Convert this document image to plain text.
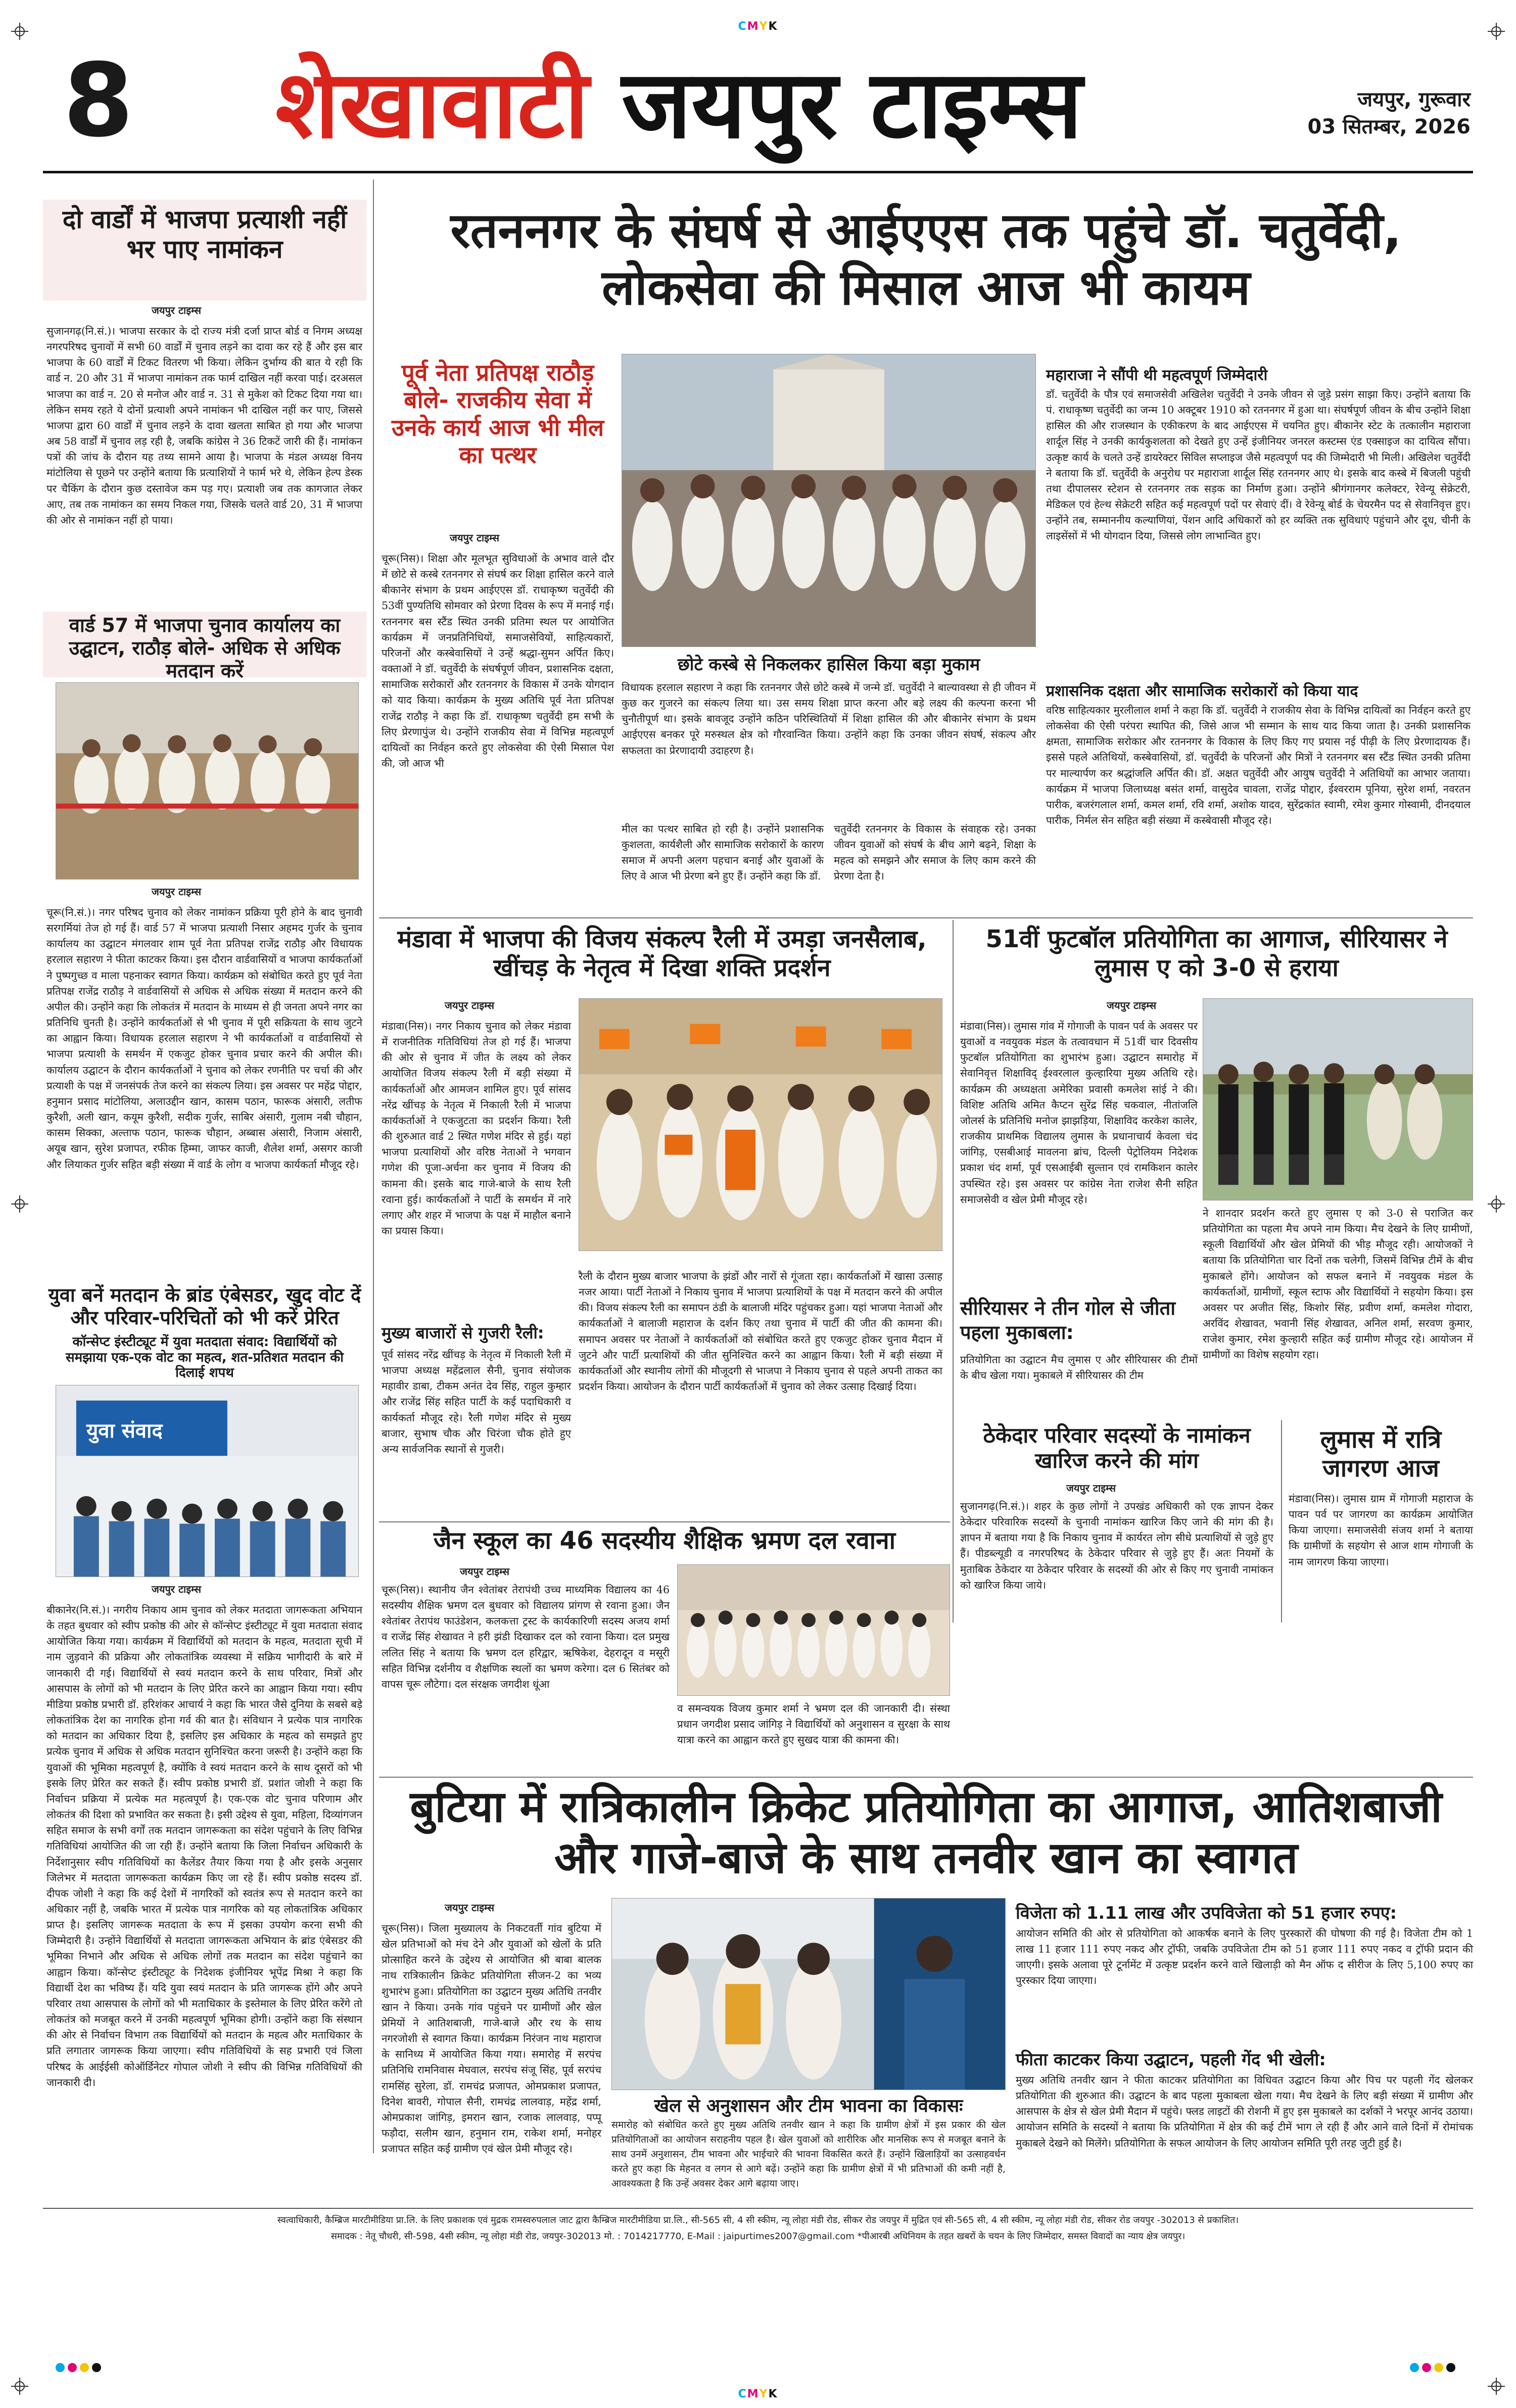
CMYK
CMYK
8 शेखावाटी जयपुर टाइम्स	जयपुर, गुरूवार
03 सितम्बर, 2026
दो वार्डों में भाजपा प्रत्याशी नहीं भर पाए नामांकन
जयपुर टाइम्स
सुजानगढ़(नि.सं.)। भाजपा सरकार के दो राज्य मंत्री दर्जा प्राप्त बोर्ड व निगम अध्यक्ष नगरपरिषद चुनावों में सभी 60 वार्डों में चुनाव लड़ने का दावा कर रहे हैं और इस बार भाजपा के 60 वार्डों में टिकट वितरण भी किया। लेकिन दुर्भाग्य की बात ये रही कि वार्ड न. 20 और 31 में भाजपा नामांकन तक फार्म दाखिल नहीं करवा पाई। दरअसल भाजपा का वार्ड न. 20 से मनोज और वार्ड न. 31 से मुकेश को टिकट दिया गया था। लेकिन समय रहते ये दोनों प्रत्याशी अपने नामांकन भी दाखिल नहीं कर पाए, जिससे भाजपा द्वारा 60 वार्डों में चुनाव लड़ने के दावा खलता साबित हो गया और भाजपा अब 58 वार्डों में चुनाव लड़ रही है, जबकि कांग्रेस ने 36 टिकटें जारी की हैं। नामांकन पत्रों की जांच के दौरान यह तथ्य सामने आया है। भाजपा के मंडल अध्यक्ष विनय मांटोलिया से पूछने पर उन्होंने बताया कि प्रत्याशियों ने फार्म भरे थे, लेकिन हेल्प डेस्क पर चैकिंग के दौरान कुछ दस्तावेज कम पड़ गए। प्रत्याशी जब तक कागजात लेकर आए, तब तक नामांकन का समय निकल गया, जिसके चलते वार्ड 20, 31 में भाजपा की ओर से नामांकन नहीं हो पाया।
वार्ड 57 में भाजपा चुनाव कार्यालय का उद्घाटन, राठौड़ बोले- अधिक से अधिक मतदान करें
जयपुर टाइम्स
चूरू(नि.सं.)। नगर परिषद चुनाव को लेकर नामांकन प्रक्रिया पूरी होने के बाद चुनावी सरगर्मियां तेज हो गई हैं। वार्ड 57 में भाजपा प्रत्याशी निसार अहमद गुर्जर के चुनाव कार्यालय का उद्घाटन मंगलवार शाम पूर्व नेता प्रतिपक्ष राजेंद्र राठौड़ और विधायक हरलाल सहारण ने फीता काटकर किया। इस दौरान वार्डवासियों व भाजपा कार्यकर्ताओं ने पुष्पगुच्छ व माला पहनाकर स्वागत किया। कार्यक्रम को संबोधित करते हुए पूर्व नेता प्रतिपक्ष राजेंद्र राठौड़ ने वार्डवासियों से अधिक से अधिक संख्या में मतदान करने की अपील की। उन्होंने कहा कि लोकतंत्र में मतदान के माध्यम से ही जनता अपने नगर का प्रतिनिधि चुनती है। उन्होंने कार्यकर्ताओं से भी चुनाव में पूरी सक्रियता के साथ जुटने का आह्वान किया। विधायक हरलाल सहारण ने भी कार्यकर्ताओं व वार्डवासियों से भाजपा प्रत्याशी के समर्थन में एकजुट होकर चुनाव प्रचार करने की अपील की। कार्यालय उद्घाटन के दौरान कार्यकर्ताओं ने चुनाव को लेकर रणनीति पर चर्चा की और प्रत्याशी के पक्ष में जनसंपर्क तेज करने का संकल्प लिया। इस अवसर पर महेंद्र पोद्दार, हनुमान प्रसाद मांटोलिया, अलाउद्दीन खान, कासम पठान, फारूक अंसारी, लतीफ कुरैशी, अली खान, कयूम कुरैशी, सदीक गुर्जर, साबिर अंसारी, गुलाम नबी चौहान, कासम सिक्का, अल्ताफ पठान, फारूक चौहान, अब्बास अंसारी, निजाम अंसारी, अयूब खान, सुरेश प्रजापत, रफीक हिम्मा, जाफर काजी, शैलेश शर्मा, असगर काजी और लियाकत गुर्जर सहित बड़ी संख्या में वार्ड के लोग व भाजपा कार्यकर्ता मौजूद रहे।
युवा बनें मतदान के ब्रांड एंबेसडर, खुद वोट दें और परिवार-परिचितों को भी करें प्रेरित
कॉन्सेप्ट इंस्टीट्यूट में युवा मतदाता संवाद: विद्यार्थियों को समझाया एक-एक वोट का महत्व, शत-प्रतिशत मतदान की दिलाई शपथ
युवा संवाद
जयपुर टाइम्स
बीकानेर(नि.सं.)। नगरीय निकाय आम चुनाव को लेकर मतदाता जागरूकता अभियान के तहत बुधवार को स्वीप प्रकोष्ठ की ओर से कॉन्सेप्ट इंस्टीट्यूट में युवा मतदाता संवाद आयोजित किया गया। कार्यक्रम में विद्यार्थियों को मतदान के महत्व, मतदाता सूची में नाम जुड़वाने की प्रक्रिया और लोकतांत्रिक व्यवस्था में सक्रिय भागीदारी के बारे में जानकारी दी गई। विद्यार्थियों से स्वयं मतदान करने के साथ परिवार, मित्रों और आसपास के लोगों को भी मतदान के लिए प्रेरित करने का आह्वान किया गया। स्वीप मीडिया प्रकोष्ठ प्रभारी डॉ. हरिशंकर आचार्य ने कहा कि भारत जैसे दुनिया के सबसे बड़े लोकतांत्रिक देश का नागरिक होना गर्व की बात है। संविधान ने प्रत्येक पात्र नागरिक को मतदान का अधिकार दिया है, इसलिए इस अधिकार के महत्व को समझते हुए प्रत्येक चुनाव में अधिक से अधिक मतदान सुनिश्चित करना जरूरी है। उन्होंने कहा कि युवाओं की भूमिका महत्वपूर्ण है, क्योंकि वे स्वयं मतदान करने के साथ दूसरों को भी इसके लिए प्रेरित कर सकते हैं। स्वीप प्रकोष्ठ प्रभारी डॉ. प्रशांत जोशी ने कहा कि निर्वाचन प्रक्रिया में प्रत्येक मत महत्वपूर्ण है। एक-एक वोट चुनाव परिणाम और लोकतंत्र की दिशा को प्रभावित कर सकता है। इसी उद्देश्य से युवा, महिला, दिव्यांगजन सहित समाज के सभी वर्गों तक मतदान जागरूकता का संदेश पहुंचाने के लिए विभिन्न गतिविधियां आयोजित की जा रही हैं। उन्होंने बताया कि जिला निर्वाचन अधिकारी के निर्देशानुसार स्वीप गतिविधियों का कैलेंडर तैयार किया गया है और इसके अनुसार जिलेभर में मतदाता जागरूकता कार्यक्रम किए जा रहे हैं। स्वीप प्रकोष्ठ सदस्य डॉ. दीपक जोशी ने कहा कि कई देशों में नागरिकों को स्वतंत्र रूप से मतदान करने का अधिकार नहीं है, जबकि भारत में प्रत्येक पात्र नागरिक को यह लोकतांत्रिक अधिकार प्राप्त है। इसलिए जागरूक मतदाता के रूप में इसका उपयोग करना सभी की जिम्मेदारी है। उन्होंने विद्यार्थियों से मतदाता जागरूकता अभियान के ब्रांड एंबेसडर की भूमिका निभाने और अधिक से अधिक लोगों तक मतदान का संदेश पहुंचाने का आह्वान किया। कॉन्सेप्ट इंस्टीट्यूट के निदेशक इंजीनियर भूपेंद्र मिश्रा ने कहा कि विद्यार्थी देश का भविष्य हैं। यदि युवा स्वयं मतदान के प्रति जागरूक होंगे और अपने परिवार तथा आसपास के लोगों को भी मताधिकार के इस्तेमाल के लिए प्रेरित करेंगे तो लोकतंत्र को मजबूत करने में उनकी महत्वपूर्ण भूमिका होगी। उन्होंने कहा कि संस्थान की ओर से निर्वाचन विभाग तक विद्यार्थियों को मतदान के महत्व और मताधिकार के प्रति लगातार जागरूक किया जाएगा। स्वीप गतिविधियों के सह प्रभारी एवं जिला परिषद के आईईसी कोऑर्डिनेटर गोपाल जोशी ने स्वीप की विभिन्न गतिविधियों की जानकारी दी।
रतननगर के संघर्ष से आईएएस तक पहुंचे डॉ. चतुर्वेदी, लोकसेवा की मिसाल आज भी कायम
पूर्व नेता प्रतिपक्ष राठौड़ बोले- राजकीय सेवा में उनके कार्य आज भी मील का पत्थर
जयपुर टाइम्स
चूरू(निस)। शिक्षा और मूलभूत सुविधाओं के अभाव वाले दौर में छोटे से कस्बे रतननगर से संघर्ष कर शिक्षा हासिल करने वाले बीकानेर संभाग के प्रथम आईएएस डॉ. राधाकृष्ण चतुर्वेदी की 53वीं पुण्यतिथि सोमवार को प्रेरणा दिवस के रूप में मनाई गई। रतननगर बस स्टैंड स्थित उनकी प्रतिमा स्थल पर आयोजित कार्यक्रम में जनप्रतिनिधियों, समाजसेवियों, साहित्यकारों, परिजनों और कस्बेवासियों ने उन्हें श्रद्धा-सुमन अर्पित किए। वक्ताओं ने डॉ. चतुर्वेदी के संघर्षपूर्ण जीवन, प्रशासनिक दक्षता, सामाजिक सरोकारों और रतननगर के विकास में उनके योगदान को याद किया। कार्यक्रम के मुख्य अतिथि पूर्व नेता प्रतिपक्ष राजेंद्र राठौड़ ने कहा कि डॉ. राधाकृष्ण चतुर्वेदी हम सभी के लिए प्रेरणापुंज थे। उन्होंने राजकीय सेवा में विभिन्न महत्वपूर्ण दायित्वों का निर्वहन करते हुए लोकसेवा की ऐसी मिसाल पेश की, जो आज भी
छोटे कस्बे से निकलकर हासिल किया बड़ा मुकाम
विधायक हरलाल सहारण ने कहा कि रतननगर जैसे छोटे कस्बे में जन्मे डॉ. चतुर्वेदी ने बाल्यावस्था से ही जीवन में कुछ कर गुजरने का संकल्प लिया था। उस समय शिक्षा प्राप्त करना और बड़े लक्ष्य की कल्पना करना भी चुनौतीपूर्ण था। इसके बावजूद उन्होंने कठिन परिस्थितियों में शिक्षा हासिल की और बीकानेर संभाग के प्रथम आईएएस बनकर पूरे मरुस्थल क्षेत्र को गौरवान्वित किया। उन्होंने कहा कि उनका जीवन संघर्ष, संकल्प और सफलता का प्रेरणादायी उदाहरण है।
मील का पत्थर साबित हो रही है। उन्होंने प्रशासनिक कुशलता, कार्यशैली और सामाजिक सरोकारों के कारण समाज में अपनी अलग पहचान बनाई और युवाओं के लिए वे आज भी प्रेरणा बने हुए हैं। उन्होंने कहा कि डॉ.
चतुर्वेदी रतननगर के विकास के संवाहक रहे। उनका जीवन युवाओं को संघर्ष के बीच आगे बढ़ने, शिक्षा के महत्व को समझने और समाज के लिए काम करने की प्रेरणा देता है।
महाराजा ने सौंपी थी महत्वपूर्ण जिम्मेदारी
डॉ. चतुर्वेदी के पौत्र एवं समाजसेवी अखिलेश चतुर्वेदी ने उनके जीवन से जुड़े प्रसंग साझा किए। उन्होंने बताया कि पं. राधाकृष्ण चतुर्वेदी का जन्म 10 अक्टूबर 1910 को रतननगर में हुआ था। संघर्षपूर्ण जीवन के बीच उन्होंने शिक्षा हासिल की और राजस्थान के एकीकरण के बाद आईएएस में चयनित हुए। बीकानेर स्टेट के तत्कालीन महाराजा शार्दूल सिंह ने उनकी कार्यकुशलता को देखते हुए उन्हें इंजीनियर जनरल कस्टम्स एंड एक्साइज का दायित्व सौंपा। उत्कृष्ट कार्य के चलते उन्हें डायरेक्टर सिविल सप्लाइज जैसे महत्वपूर्ण पद की जिम्मेदारी भी मिली। अखिलेश चतुर्वेदी ने बताया कि डॉ. चतुर्वेदी के अनुरोध पर महाराजा शार्दूल सिंह रतननगर आए थे। इसके बाद कस्बे में बिजली पहुंची तथा दीपालसर स्टेशन से रतननगर तक सड़क का निर्माण हुआ। उन्होंने श्रीगंगानगर कलेक्टर, रेवेन्यू सेक्रेटरी, मेडिकल एवं हेल्थ सेक्रेटरी सहित कई महत्वपूर्ण पदों पर सेवाएं दीं। वे रेवेन्यू बोर्ड के चेयरमैन पद से सेवानिवृत्त हुए। उन्होंने तब, सम्माननीय कल्याणियां, पेंशन आदि अधिकारों को हर व्यक्ति तक सुविधाएं पहुंचाने और दूध, चीनी के लाइसेंसों में भी योगदान दिया, जिससे लोग लाभान्वित हुए।
प्रशासनिक दक्षता और सामाजिक सरोकारों को किया याद
वरिष्ठ साहित्यकार मुरलीलाल शर्मा ने कहा कि डॉ. चतुर्वेदी ने राजकीय सेवा के विभिन्न दायित्वों का निर्वहन करते हुए लोकसेवा की ऐसी परंपरा स्थापित की, जिसे आज भी सम्मान के साथ याद किया जाता है। उनकी प्रशासनिक क्षमता, सामाजिक सरोकार और रतननगर के विकास के लिए किए गए प्रयास नई पीढ़ी के लिए प्रेरणादायक हैं। इससे पहले अतिथियों, कस्बेवासियों, डॉ. चतुर्वेदी के परिजनों और मित्रों ने रतननगर बस स्टैंड स्थित उनकी प्रतिमा पर माल्यार्पण कर श्रद्धांजलि अर्पित की। डॉ. अक्षत चतुर्वेदी और आयुष चतुर्वेदी ने अतिथियों का आभार जताया। कार्यक्रम में भाजपा जिलाध्यक्ष बसंत शर्मा, वासुदेव चावला, राजेंद्र पोद्दार, ईश्वरराम पूनिया, सुरेश शर्मा, नवरतन पारीक, बजरंगलाल शर्मा, कमल शर्मा, रवि शर्मा, अशोक यादव, सुरेंद्रकांत स्वामी, रमेश कुमार गोस्वामी, दीनदयाल पारीक, निर्मल सेन सहित बड़ी संख्या में कस्बेवासी मौजूद रहे।
मंडावा में भाजपा की विजय संकल्प रैली में उमड़ा जनसैलाब, खींचड़ के नेतृत्व में दिखा शक्ति प्रदर्शन
जयपुर टाइम्स
मंडावा(निस)। नगर निकाय चुनाव को लेकर मंडावा में राजनीतिक गतिविधियां तेज हो गई हैं। भाजपा की ओर से चुनाव में जीत के लक्ष्य को लेकर आयोजित विजय संकल्प रैली में बड़ी संख्या में कार्यकर्ताओं और आमजन शामिल हुए। पूर्व सांसद नरेंद्र खींचड़ के नेतृत्व में निकाली रैली में भाजपा कार्यकर्ताओं ने एकजुटता का प्रदर्शन किया। रैली की शुरुआत वार्ड 2 स्थित गणेश मंदिर से हुई। यहां भाजपा प्रत्याशियों और वरिष्ठ नेताओं ने भगवान गणेश की पूजा-अर्चना कर चुनाव में विजय की कामना की। इसके बाद गाजे-बाजे के साथ रैली रवाना हुई। कार्यकर्ताओं ने पार्टी के समर्थन में नारे लगाए और शहर में भाजपा के पक्ष में माहौल बनाने का प्रयास किया।
रैली के दौरान मुख्य बाजार भाजपा के झंडों और नारों से गूंजता रहा। कार्यकर्ताओं में खासा उत्साह नजर आया। पार्टी नेताओं ने निकाय चुनाव में भाजपा प्रत्याशियों के पक्ष में मतदान करने की अपील की। विजय संकल्प रैली का समापन ठंडी के बालाजी मंदिर पहुंचकर हुआ। यहां भाजपा नेताओं और कार्यकर्ताओं ने बालाजी महाराज के दर्शन किए तथा चुनाव में पार्टी की जीत की कामना की। समापन अवसर पर नेताओं ने कार्यकर्ताओं को संबोधित करते हुए एकजुट होकर चुनाव मैदान में जुटने और पार्टी प्रत्याशियों की जीत सुनिश्चित करने का आह्वान किया। रैली में बड़ी संख्या में कार्यकर्ताओं और स्थानीय लोगों की मौजूदगी से भाजपा ने निकाय चुनाव से पहले अपनी ताकत का प्रदर्शन किया। आयोजन के दौरान पार्टी कार्यकर्ताओं में चुनाव को लेकर उत्साह दिखाई दिया।
मुख्य बाजारों से गुजरी रैली:
पूर्व सांसद नरेंद्र खींचड़ के नेतृत्व में निकाली रैली में भाजपा अध्यक्ष महेंद्रलाल सैनी, चुनाव संयोजक महावीर डाबा, टीकम अनंत देव सिंह, राहुल कुम्हार और राजेंद्र सिंह सहित पार्टी के कई पदाधिकारी व कार्यकर्ता मौजूद रहे। रैली गणेश मंदिर से मुख्य बाजार, सुभाष चौक और चिरंजा चौक होते हुए अन्य सार्वजनिक स्थानों से गुजरी।
51वीं फुटबॉल प्रतियोगिता का आगाज, सीरियासर ने लुमास ए को 3-0 से हराया
जयपुर टाइम्स
मंडावा(निस)। लुमास गांव में गोगाजी के पावन पर्व के अवसर पर युवाओं व नवयुवक मंडल के तत्वावधान में 51वीं चार दिवसीय फुटबॉल प्रतियोगिता का शुभारंभ हुआ। उद्घाटन समारोह में सेवानिवृत्त शिक्षाविद् ईश्वरलाल कुल्हारिया मुख्य अतिथि रहे। कार्यक्रम की अध्यक्षता अमेरिका प्रवासी कमलेश सांई ने की। विशिष्ट अतिथि अमित कैप्टन सुरेंद्र सिंह चकवाल, नीतांजलि जोलर्स के प्रतिनिधि मनोज झाझड़िया, शिक्षाविद करकेश कालेर, राजकीय प्राथमिक विद्यालय लुमास के प्रधानाचार्य केवला चंद जांगिड़, एसबीआई मावलना ब्रांच, दिल्ली पेट्रोलियम निदेशक प्रकाश चंद शर्मा, पूर्व एसआईबी सुल्तान एवं रामकिशन कालेर उपस्थित रहे। इस अवसर पर कांग्रेस नेता राजेश सैनी सहित समाजसेवी व खेल प्रेमी मौजूद रहे।
ने शानदार प्रदर्शन करते हुए लुमास ए को 3-0 से पराजित कर प्रतियोगिता का पहला मैच अपने नाम किया। मैच देखने के लिए ग्रामीणों, स्कूली विद्यार्थियों और खेल प्रेमियों की भीड़ मौजूद रही। आयोजकों ने बताया कि प्रतियोगिता चार दिनों तक चलेगी, जिसमें विभिन्न टीमें के बीच मुकाबले होंगे। आयोजन को सफल बनाने में नवयुवक मंडल के कार्यकर्ताओं, ग्रामीणों, स्कूल स्टाफ और विद्यार्थियों ने सहयोग किया। इस अवसर पर अजीत सिंह, किशोर सिंह, प्रवीण शर्मा, कमलेश गोदारा, अरविंद शेखावत, भवानी सिंह शेखावत, अनिल शर्मा, सरवण कुमार, राजेश कुमार, रमेश कुल्हारी सहित कई ग्रामीण मौजूद रहे। आयोजन में ग्रामीणों का विशेष सहयोग रहा।
सीरियासर ने तीन गोल से जीता पहला मुकाबला:
प्रतियोगिता का उद्घाटन मैच लुमास ए और सीरियासर की टीमों के बीच खेला गया। मुकाबले में सीरियासर की टीम
ठेकेदार परिवार सदस्यों के नामांकन खारिज करने की मांग
जयपुर टाइम्स
सुजानगढ़(नि.सं.)। शहर के कुछ लोगों ने उपखंड अधिकारी को एक ज्ञापन देकर ठेकेदार परिवारिक सदस्यों के चुनावी नामांकन खारिज किए जाने की मांग की है। ज्ञापन में बताया गया है कि निकाय चुनाव में कार्यरत लोग सीधे प्रत्याशियों से जुड़े हुए हैं। पीडब्ल्यूडी व नगरपरिषद के ठेकेदार परिवार से जुड़े हुए हैं। अतः नियमों के मुताबिक ठेकेदार या ठेकेदार परिवार के सदस्यों की ओर से किए गए चुनावी नामांकन को खारिज किया जाये।
लुमास में रात्रि जागरण आज
मंडावा(निस)। लुमास ग्राम में गोगाजी महाराज के पावन पर्व पर जागरण का कार्यक्रम आयोजित किया जाएगा। समाजसेवी संजय शर्मा ने बताया कि ग्रामीणों के सहयोग से आज शाम गोगाजी के नाम जागरण किया जाएगा।
जैन स्कूल का 46 सदस्यीय शैक्षिक भ्रमण दल रवाना
जयपुर टाइम्स
चूरू(निस)। स्थानीय जैन श्वेतांबर तेरापंथी उच्च माध्यमिक विद्यालय का 46 सदस्यीय शैक्षिक भ्रमण दल बुधवार को विद्यालय प्रांगण से रवाना हुआ। जैन श्वेतांबर तेरापंथ फाउंडेशन, कलकत्ता ट्रस्ट के कार्यकारिणी सदस्य अजय शर्मा व राजेंद्र सिंह शेखावत ने हरी झंडी दिखाकर दल को रवाना किया। दल प्रमुख ललित सिंह ने बताया कि भ्रमण दल हरिद्वार, ऋषिकेश, देहरादून व मसूरी सहित विभिन्न दर्शनीय व शैक्षणिक स्थलों का भ्रमण करेगा। दल 6 सितंबर को वापस चूरू लौटेगा। दल संरक्षक जगदीश धूंआ
व समन्वयक विजय कुमार शर्मा ने भ्रमण दल की जानकारी दी। संस्था प्रधान जगदीश प्रसाद जांगिड़ ने विद्यार्थियों को अनुशासन व सुरक्षा के साथ यात्रा करने का आह्वान करते हुए सुखद यात्रा की कामना की।
बुटिया में रात्रिकालीन क्रिकेट प्रतियोगिता का आगाज, आतिशबाजी और गाजे-बाजे के साथ तनवीर खान का स्वागत
जयपुर टाइम्स
चूरू(निस)। जिला मुख्यालय के निकटवर्ती गांव बुटिया में खेल प्रतिभाओं को मंच देने और युवाओं को खेलों के प्रति प्रोत्साहित करने के उद्देश्य से आयोजित श्री बाबा बालक नाथ रात्रिकालीन क्रिकेट प्रतियोगिता सीजन-2 का भव्य शुभारंभ हुआ। प्रतियोगिता का उद्घाटन मुख्य अतिथि तनवीर खान ने किया। उनके गांव पहुंचने पर ग्रामीणों और खेल प्रेमियों ने आतिशबाजी, गाजे-बाजे और रथ के साथ नगरजोशी से स्वागत किया। कार्यक्रम निरंजन नाथ महाराज के सानिध्य में आयोजित किया गया। समारोह में सरपंच प्रतिनिधि रामनिवास मेघवाल, सरपंच संजू सिंह, पूर्व सरपंच रामसिंह सुरेला, डॉ. रामचंद्र प्रजापत, ओमप्रकाश प्रजापत, दिनेश बावरी, गोपाल सैनी, रामचंद्र लालवाड़, महेंद्र शर्मा, ओमप्रकाश जांगिड़, इमरान खान, रजाक लालवाड़, पप्पू फड़ौदा, सलीम खान, हनुमान राम, राकेश शर्मा, मनोहर प्रजापत सहित कई ग्रामीण एवं खेल प्रेमी मौजूद रहे।
खेल से अनुशासन और टीम भावना का विकासः
समारोह को संबोधित करते हुए मुख्य अतिथि तनवीर खान ने कहा कि ग्रामीण क्षेत्रों में इस प्रकार की खेल प्रतियोगिताओं का आयोजन सराहनीय पहल है। खेल युवाओं को शारीरिक और मानसिक रूप से मजबूत बनाने के साथ उनमें अनुशासन, टीम भावना और भाईचारे की भावना विकसित करते हैं। उन्होंने खिलाड़ियों का उत्साहवर्धन करते हुए कहा कि मेहनत व लगन से आगे बढ़ें। उन्होंने कहा कि ग्रामीण क्षेत्रों में भी प्रतिभाओं की कमी नहीं है, आवश्यकता है कि उन्हें अवसर देकर आगे बढ़ाया जाए।
विजेता को 1.11 लाख और उपविजेता को 51 हजार रुपए:
आयोजन समिति की ओर से प्रतियोगिता को आकर्षक बनाने के लिए पुरस्कारों की घोषणा की गई है। विजेता टीम को 1 लाख 11 हजार 111 रुपए नकद और ट्रॉफी, जबकि उपविजेता टीम को 51 हजार 111 रुपए नकद व ट्रॉफी प्रदान की जाएगी। इसके अलावा पूरे टूर्नामेंट में उत्कृष्ट प्रदर्शन करने वाले खिलाड़ी को मैन ऑफ द सीरीज के लिए 5,100 रुपए का पुरस्कार दिया जाएगा।
फीता काटकर किया उद्घाटन, पहली गेंद भी खेली:
मुख्य अतिथि तनवीर खान ने फीता काटकर प्रतियोगिता का विधिवत उद्घाटन किया और पिच पर पहली गेंद खेलकर प्रतियोगिता की शुरुआत की। उद्घाटन के बाद पहला मुकाबला खेला गया। मैच देखने के लिए बड़ी संख्या में ग्रामीण और आसपास के क्षेत्र से खेल प्रेमी मैदान में पहुंचे। फ्लड लाइटों की रोशनी में हुए इस मुकाबले का दर्शकों ने भरपूर आनंद उठाया। आयोजन समिति के सदस्यों ने बताया कि प्रतियोगिता में क्षेत्र की कई टीमें भाग ले रही हैं और आने वाले दिनों में रोमांचक मुकाबले देखने को मिलेंगे। प्रतियोगिता के सफल आयोजन के लिए आयोजन समिति पूरी तरह जुटी हुई है।
स्वत्वाधिकारी, कैम्ब्रिज मारटीमीडिया प्रा.लि. के लिए प्रकाशक एवं मुद्रक रामस्वरुपलाल जाट द्वारा कैम्ब्रिज मारटीमीडिया प्रा.लि., सी-565 सी, 4 सी स्कीम, न्यू लोहा मंडी रोड, सीकर रोड जयपुर में मुद्रित एवं सी-565 सी, 4 सी स्कीम, न्यू लोहा मंडी रोड, सीकर रोड जयपुर -302013 से प्रकाशित।
समादक : नेतू चौधरी, सी-598, 4सी स्कीम, न्यू लोहा मंडी रोड, जयपुर-302013 मो. : 7014217770, E-Mail : jaipurtimes2007@gmail.com *पीआरबी अधिनियम के तहत खबरों के चयन के लिए जिम्मेदार, समस्त विवादों का न्याय क्षेत्र जयपुर।
